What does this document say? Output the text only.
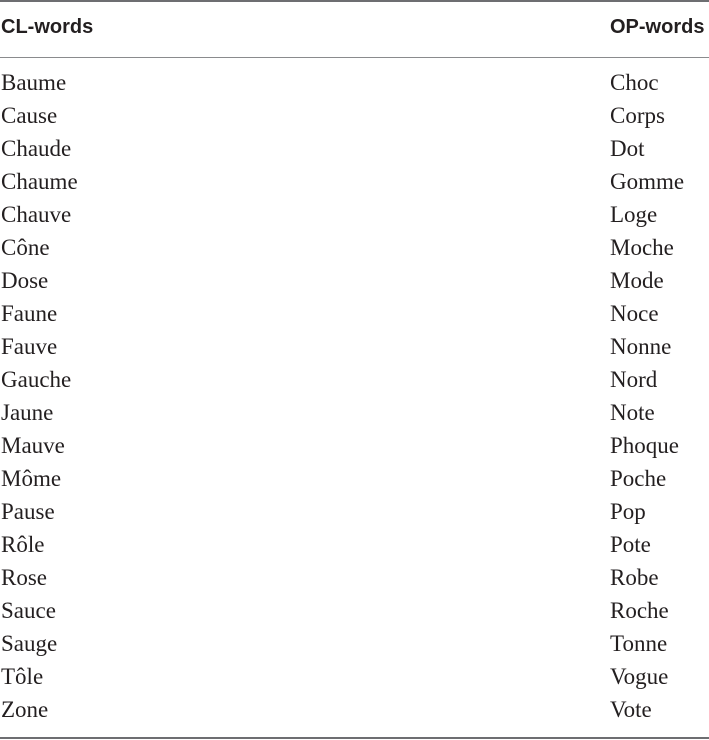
CL-words	OP-words
Baume
Cause
Chaude
Chaume
Chauve
Cône
Dose
Faune
Fauve
Gauche
Jaune
Mauve
Môme
Pause
Rôle
Rose
Sauce
Sauge
Tôle
Zone
Choc
Corps
Dot
Gomme
Loge
Moche
Mode
Noce
Nonne
Nord
Note
Phoque
Poche
Pop
Pote
Robe
Roche
Tonne
Vogue
Vote
